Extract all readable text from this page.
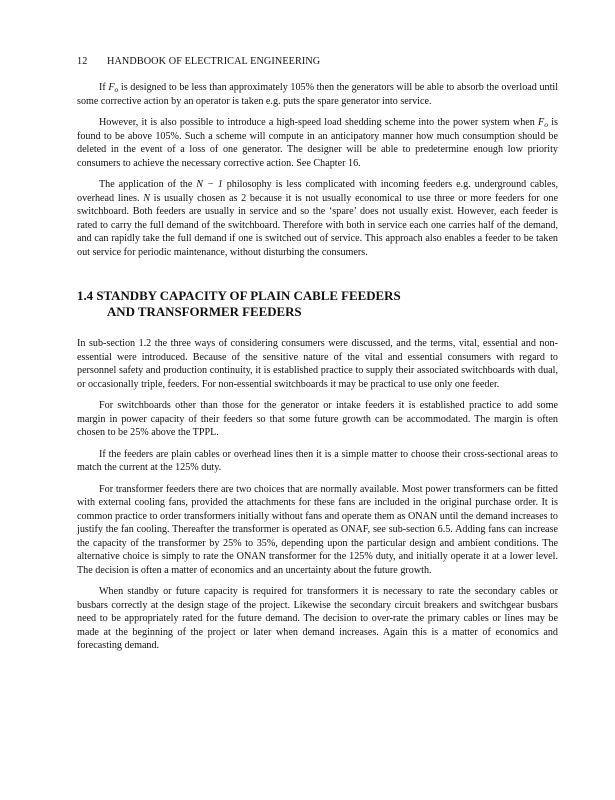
12 HANDBOOK OF ELECTRICAL ENGINEERING

If $F_o$ is designed to be less than approximately 105% then the generators will be able to absorb the overload until some corrective action by an operator is taken e.g. puts the spare generator into service.

However, it is also possible to introduce a high-speed load shedding scheme into the power system when $F_o$ is found to be above 105%. Such a scheme will compute in an anticipatory manner how much consumption should be deleted in the event of a loss of one generator. The designer will be able to predetermine enough low priority consumers to achieve the necessary corrective action. See Chapter 16.

The application of the N − 1 philosophy is less complicated with incoming feeders e.g. underground cables, overhead lines. N is usually chosen as 2 because it is not usually economical to use three or more feeders for one switchboard. Both feeders are usually in service and so the ‘spare’ does not usually exist. However, each feeder is rated to carry the full demand of the switchboard. Therefore with both in service each one carries half of the demand, and can rapidly take the full demand if one is switched out of service. This approach also enables a feeder to be taken out service for periodic maintenance, without disturbing the consumers.

1.4 STANDBY CAPACITY OF PLAIN CABLE FEEDERS
AND TRANSFORMER FEEDERS

In sub-section 1.2 the three ways of considering consumers were discussed, and the terms, vital, essential and non-essential were introduced. Because of the sensitive nature of the vital and essential consumers with regard to personnel safety and production continuity, it is established practice to supply their associated switchboards with dual, or occasionally triple, feeders. For non-essential switchboards it may be practical to use only one feeder.

For switchboards other than those for the generator or intake feeders it is established practice to add some margin in power capacity of their feeders so that some future growth can be accommodated. The margin is often chosen to be 25% above the TPPL.

If the feeders are plain cables or overhead lines then it is a simple matter to choose their cross-sectional areas to match the current at the 125% duty.

For transformer feeders there are two choices that are normally available. Most power transformers can be fitted with external cooling fans, provided the attachments for these fans are included in the original purchase order. It is common practice to order transformers initially without fans and operate them as ONAN until the demand increases to justify the fan cooling. Thereafter the transformer is operated as ONAF, see sub-section 6.5. Adding fans can increase the capacity of the transformer by 25% to 35%, depending upon the particular design and ambient conditions. The alternative choice is simply to rate the ONAN transformer for the 125% duty, and initially operate it at a lower level. The decision is often a matter of economics and an uncertainty about the future growth.

When standby or future capacity is required for transformers it is necessary to rate the secondary cables or busbars correctly at the design stage of the project. Likewise the secondary circuit breakers and switchgear busbars need to be appropriately rated for the future demand. The decision to over-rate the primary cables or lines may be made at the beginning of the project or later when demand increases. Again this is a matter of economics and forecasting demand.
